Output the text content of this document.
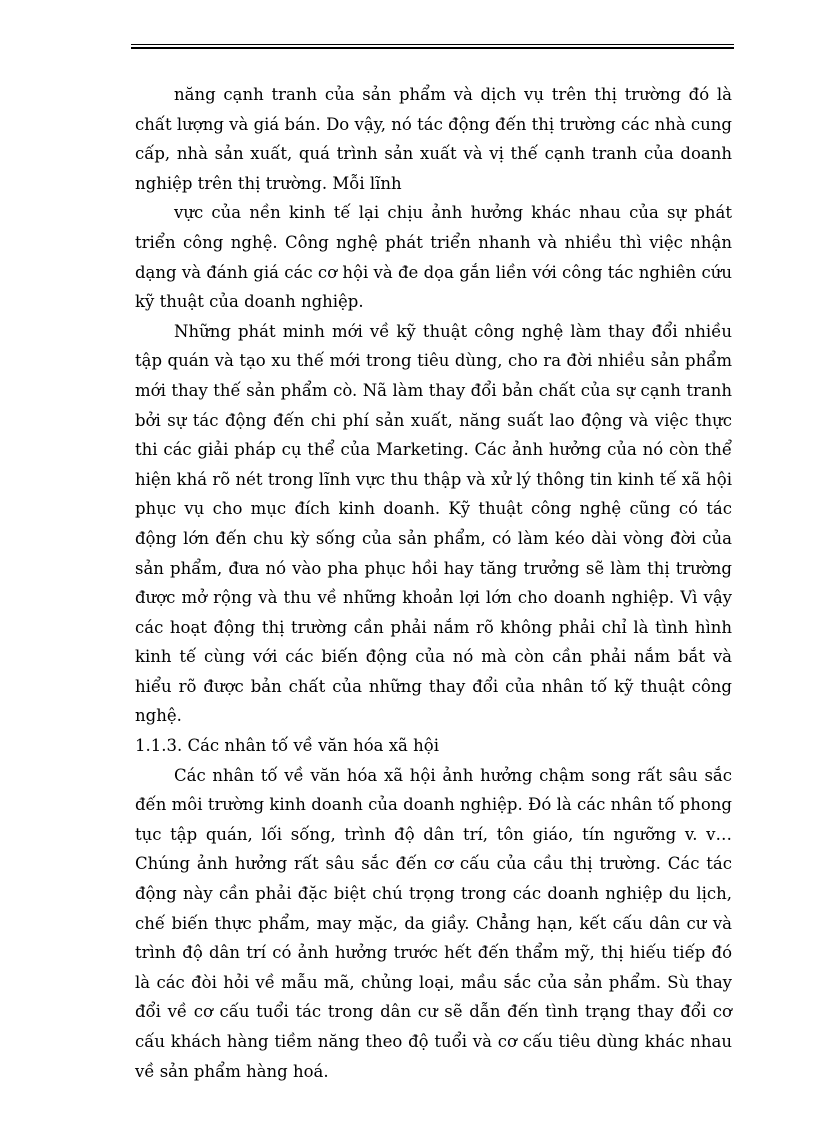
năng cạnh tranh của sản phẩm và dịch vụ trên thị trường đó là chất lượng và giá bán. Do vậy, nó tác động đến thị trường các nhà cung cấp, nhà sản xuất, quá trình sản xuất và vị thế cạnh tranh của doanh nghiệp trên thị trường. Mỗi lĩnh

vực của nền kinh tế lại chịu ảnh hưởng khác nhau của sự phát triển công nghệ. Công nghệ phát triển nhanh và nhiều thì việc nhận dạng và đánh giá các cơ hội và đe dọa gắn liền với công tác nghiên cứu kỹ thuật của doanh nghiệp.

Những phát minh mới về kỹ thuật công nghệ làm thay đổi nhiều tập quán và tạo xu thế mới trong tiêu dùng, cho ra đời nhiều sản phẩm mới thay thế sản phẩm cò. Nã làm thay đổi bản chất của sự cạnh tranh bởi sự tác động đến chi phí sản xuất, năng suất lao động và việc thực thi các giải pháp cụ thể của Marketing. Các ảnh hưởng của nó còn thể hiện khá rõ nét trong lĩnh vực thu thập và xử lý thông tin kinh tế xã hội phục vụ cho mục đích kinh doanh. Kỹ thuật công nghệ cũng có tác động lớn đến chu kỳ sống của sản phẩm, có làm kéo dài vòng đời của sản phẩm, đưa nó vào pha phục hồi hay tăng trưởng sẽ làm thị trường được mở rộng và thu về những khoản lợi lớn cho doanh nghiệp. Vì vậy các hoạt động thị trường cần phải nắm rõ không phải chỉ là tình hình kinh tế cùng với các biến động của nó mà còn cần phải nắm bắt và hiểu rõ được bản chất của những thay đổi của nhân tố kỹ thuật công nghệ.

1.1.3. Các nhân tố về văn hóa xã hội

Các nhân tố về văn hóa xã hội ảnh hưởng chậm song rất sâu sắc đến môi trường kinh doanh của doanh nghiệp. Đó là các nhân tố phong tục tập quán, lối sống, trình độ dân trí, tôn giáo, tín ngưỡng v. v… Chúng ảnh hưởng rất sâu sắc đến cơ cấu của cầu thị trường. Các tác động này cần phải đặc biệt chú trọng trong các doanh nghiệp du lịch, chế biến thực phẩm, may mặc, da giầy. Chẳng hạn, kết cấu dân cư và trình độ dân trí có ảnh hưởng trước hết đến thẩm mỹ, thị hiếu tiếp đó là các đòi hỏi về mẫu mã, chủng loại, mầu sắc của sản phẩm. Sù thay đổi về cơ cấu tuổi tác trong dân cư sẽ dẫn đến tình trạng thay đổi cơ cấu khách hàng tiềm năng theo độ tuổi và cơ cấu tiêu dùng khác nhau về sản phẩm hàng hoá.
